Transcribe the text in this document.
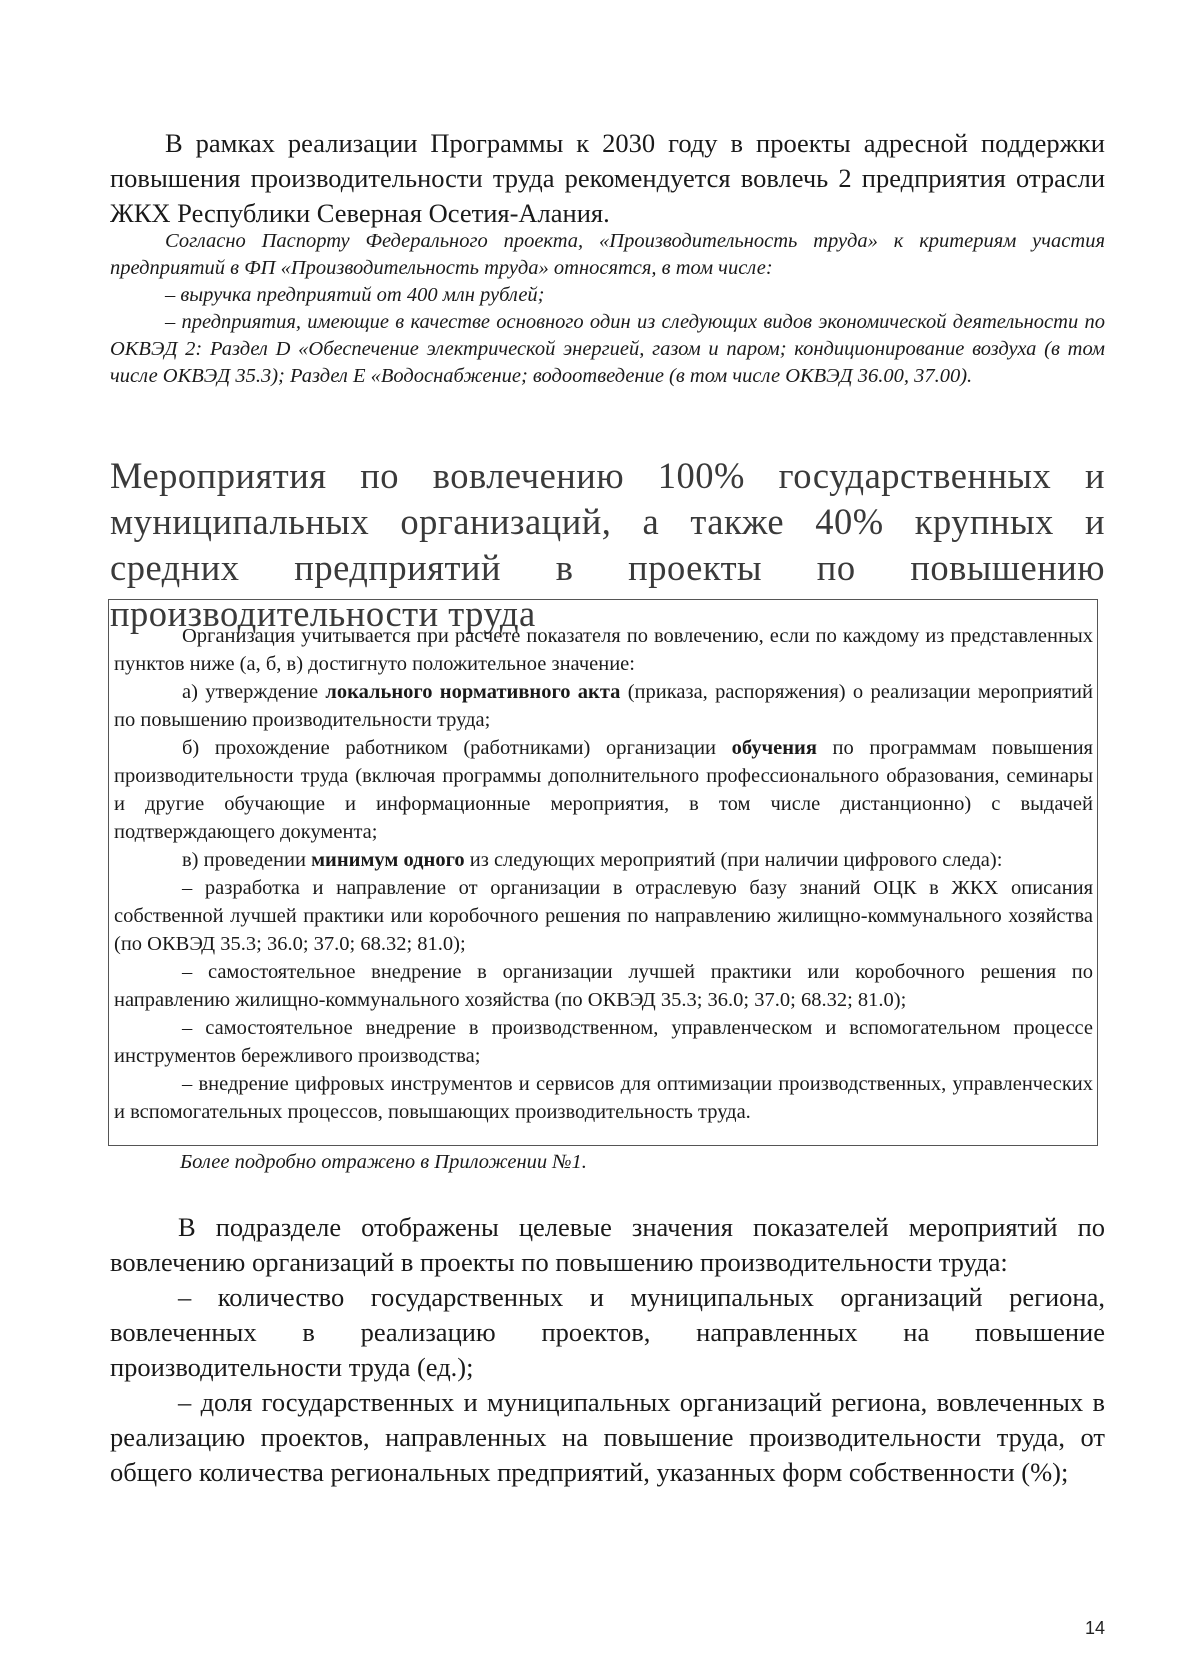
В рамках реализации Программы к 2030 году в проекты адресной поддержки повышения производительности труда рекомендуется вовлечь 2 предприятия отрасли ЖКХ Республики Северная Осетия-Алания.

Согласно Паспорту Федерального проекта, «Производительность труда» к критериям участия предприятий в ФП «Производительность труда» относятся, в том числе:

– выручка предприятий от 400 млн рублей;

– предприятия, имеющие в качестве основного один из следующих видов экономической деятельности по ОКВЭД 2: Раздел D «Обеспечение электрической энергией, газом и паром; кондиционирование воздуха (в том числе ОКВЭД 35.3); Раздел E «Водоснабжение; водоотведение (в том числе ОКВЭД 36.00, 37.00).

Мероприятия по вовлечению 100% государственных и муниципальных организаций, а также 40% крупных и средних предприятий в проекты по повышению производительности труда

Организация учитывается при расчете показателя по вовлечению, если по каждому из представленных пунктов ниже (а, б, в) достигнуто положительное значение:

а) утверждение локального нормативного акта (приказа, распоряжения) о реализации мероприятий по повышению производительности труда;

б) прохождение работником (работниками) организации обучения по программам повышения производительности труда (включая программы дополнительного профессионального образования, семинары и другие обучающие и информационные мероприятия, в том числе дистанционно) с выдачей подтверждающего документа;

в) проведении минимум одного из следующих мероприятий (при наличии цифрового следа):

– разработка и направление от организации в отраслевую базу знаний ОЦК в ЖКХ описания собственной лучшей практики или коробочного решения по направлению жилищно-коммунального хозяйства (по ОКВЭД 35.3; 36.0; 37.0; 68.32; 81.0);

– самостоятельное внедрение в организации лучшей практики или коробочного решения по направлению жилищно-коммунального хозяйства (по ОКВЭД 35.3; 36.0; 37.0; 68.32; 81.0);

– самостоятельное внедрение в производственном, управленческом и вспомогательном процессе инструментов бережливого производства;

– внедрение цифровых инструментов и сервисов для оптимизации производственных, управленческих и вспомогательных процессов, повышающих производительность труда.

Более подробно отражено в Приложении №1.

В подразделе отображены целевые значения показателей мероприятий по вовлечению организаций в проекты по повышению производительности труда:

– количество государственных и муниципальных организаций региона, вовлеченных в реализацию проектов, направленных на повышение производительности труда (ед.);

– доля государственных и муниципальных организаций региона, вовлеченных в реализацию проектов, направленных на повышение производительности труда, от общего количества региональных предприятий, указанных форм собственности (%);

14
